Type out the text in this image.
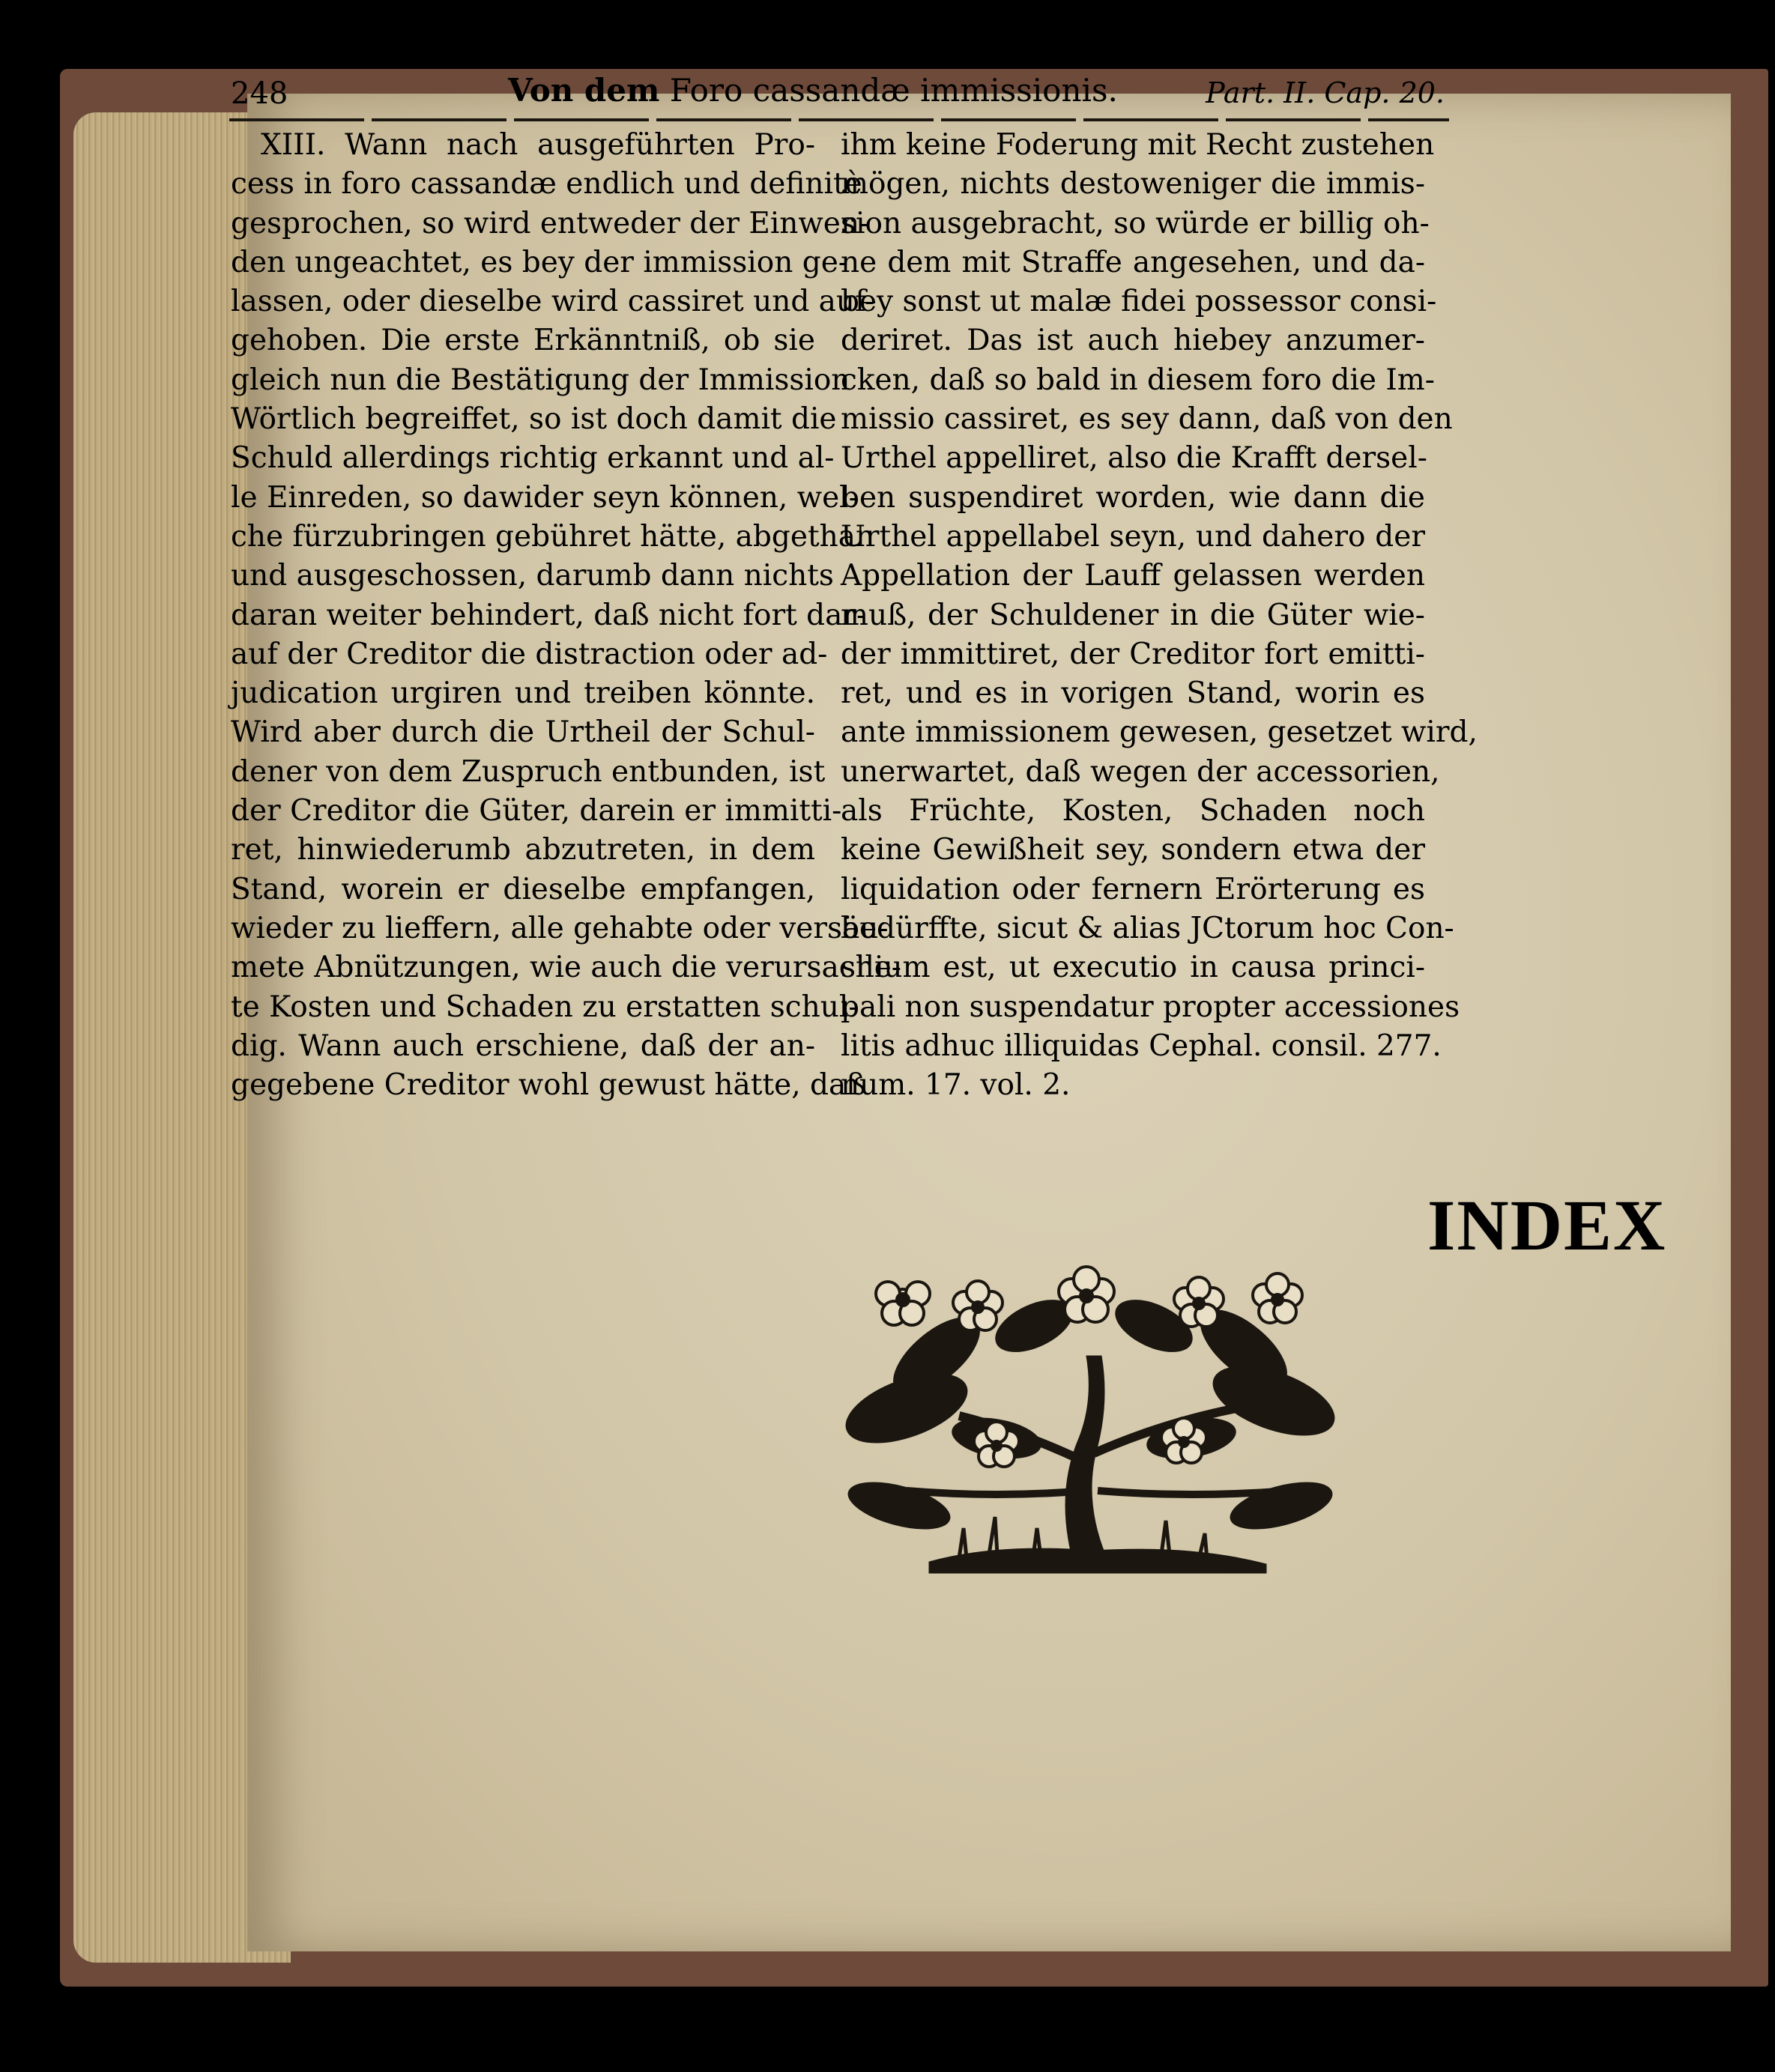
248	Von dem Foro cassandæ immissionis.	Part. II. Cap. 20.
XIII. Wann nach ausgeführten Pro-
cess in foro cassandæ endlich und definitè
gesprochen, so wird entweder der Einwen-
den ungeachtet, es bey der immission ge-
lassen, oder dieselbe wird cassiret und auf-
gehoben. Die erste Erkänntniß, ob sie
gleich nun die Bestätigung der Immission
Wörtlich begreiffet, so ist doch damit die
Schuld allerdings richtig erkannt und al-
le Einreden, so dawider seyn können, wel-
che fürzubringen gebühret hätte, abgethan
und ausgeschossen, darumb dann nichts
daran weiter behindert, daß nicht fort dar-
auf der Creditor die distraction oder ad-
judication urgiren und treiben könnte.
Wird aber durch die Urtheil der Schul-
dener von dem Zuspruch entbunden, ist
der Creditor die Güter, darein er immitti-
ret, hinwiederumb abzutreten, in dem
Stand, worein er dieselbe empfangen,
wieder zu lieffern, alle gehabte oder versäu-
mete Abnützungen, wie auch die verursache-
te Kosten und Schaden zu erstatten schul-
dig. Wann auch erschiene, daß der an-
gegebene Creditor wohl gewust hätte, daß
ihm keine Foderung mit Recht zustehen
mögen, nichts destoweniger die immis-
sion ausgebracht, so würde er billig oh-
ne dem mit Straffe angesehen, und da-
bey sonst ut malæ fidei possessor consi-
deriret. Das ist auch hiebey anzumer-
cken, daß so bald in diesem foro die Im-
missio cassiret, es sey dann, daß von den
Urthel appelliret, also die Krafft dersel-
ben suspendiret worden, wie dann die
Urthel appellabel seyn, und dahero der
Appellation der Lauff gelassen werden
muß, der Schuldener in die Güter wie-
der immittiret, der Creditor fort emitti-
ret, und es in vorigen Stand, worin es
ante immissionem gewesen, gesetzet wird,
unerwartet, daß wegen der accessorien,
als Früchte, Kosten, Schaden noch
keine Gewißheit sey, sondern etwa der
liquidation oder fernern Erörterung es
bedürffte, sicut & alias JCtorum hoc Con-
silium est, ut executio in causa princi-
pali non suspendatur propter accessiones
litis adhuc illiquidas Cephal. consil. 277.
num. 17. vol. 2.
INDEX
